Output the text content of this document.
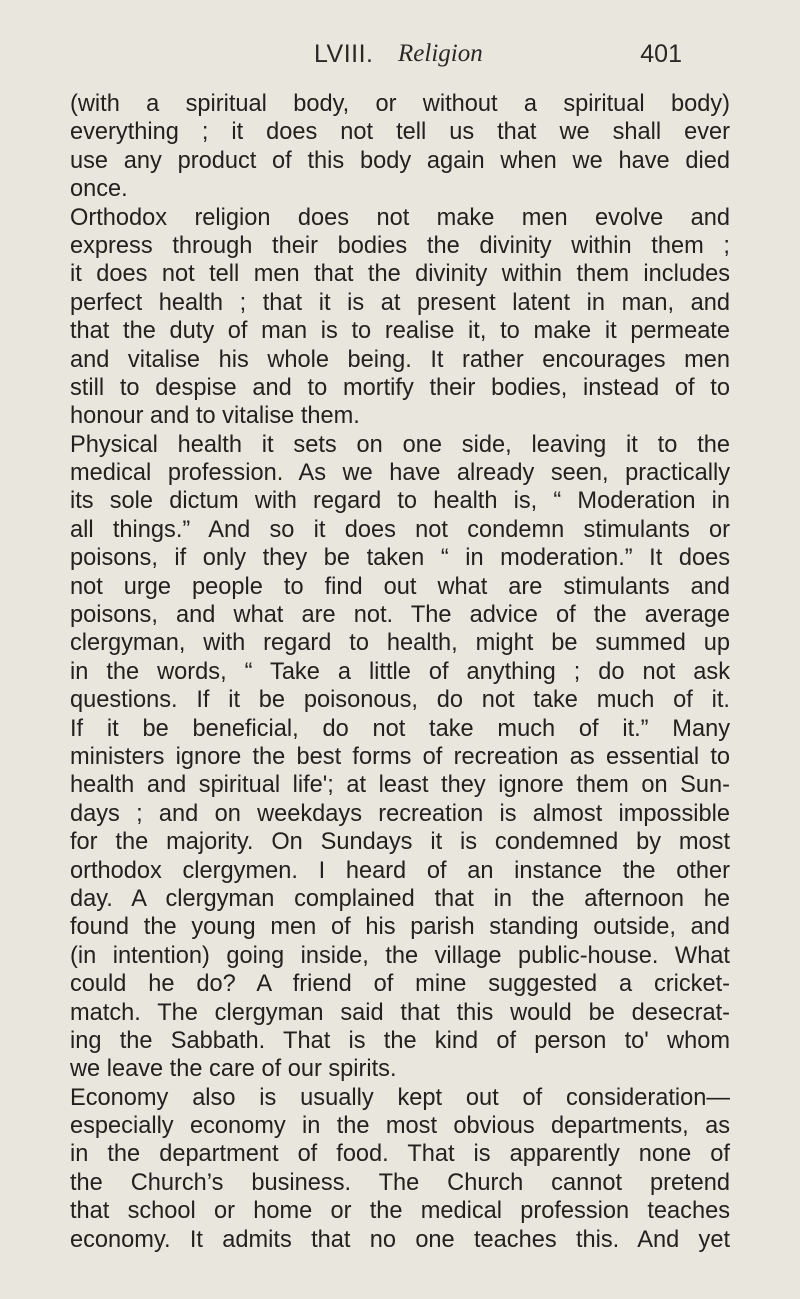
LVIII. Religion	401
(with a spiritual body, or without a spiritual body)
everything ; it does not tell us that we shall ever
use any product of this body again when we have died
once.
Orthodox religion does not make men evolve and
express through their bodies the divinity within them ;
it does not tell men that the divinity within them includes
perfect health ; that it is at present latent in man, and
that the duty of man is to realise it, to make it permeate
and vitalise his whole being. It rather encourages men
still to despise and to mortify their bodies, instead of to
honour and to vitalise them.
Physical health it sets on one side, leaving it to the
medical profession. As we have already seen, practically
its sole dictum with regard to health is, “ Moderation in
all things.” And so it does not condemn stimulants or
poisons, if only they be taken “ in moderation.” It does
not urge people to find out what are stimulants and
poisons, and what are not. The advice of the average
clergyman, with regard to health, might be summed up
in the words, “ Take a little of anything ; do not ask
questions. If it be poisonous, do not take much of it.
If it be beneficial, do not take much of it.” Many
ministers ignore the best forms of recreation as essential to
health and spiritual life'; at least they ignore them on Sun-
days ; and on weekdays recreation is almost impossible
for the majority. On Sundays it is condemned by most
orthodox clergymen. I heard of an instance the other
day. A clergyman complained that in the afternoon he
found the young men of his parish standing outside, and
(in intention) going inside, the village public-house. What
could he do? A friend of mine suggested a cricket-
match. The clergyman said that this would be desecrat-
ing the Sabbath. That is the kind of person to' whom
we leave the care of our spirits.
Economy also is usually kept out of consideration—
especially economy in the most obvious departments, as
in the department of food. That is apparently none of
the Church’s business. The Church cannot pretend
that school or home or the medical profession teaches
economy. It admits that no one teaches this. And yet
